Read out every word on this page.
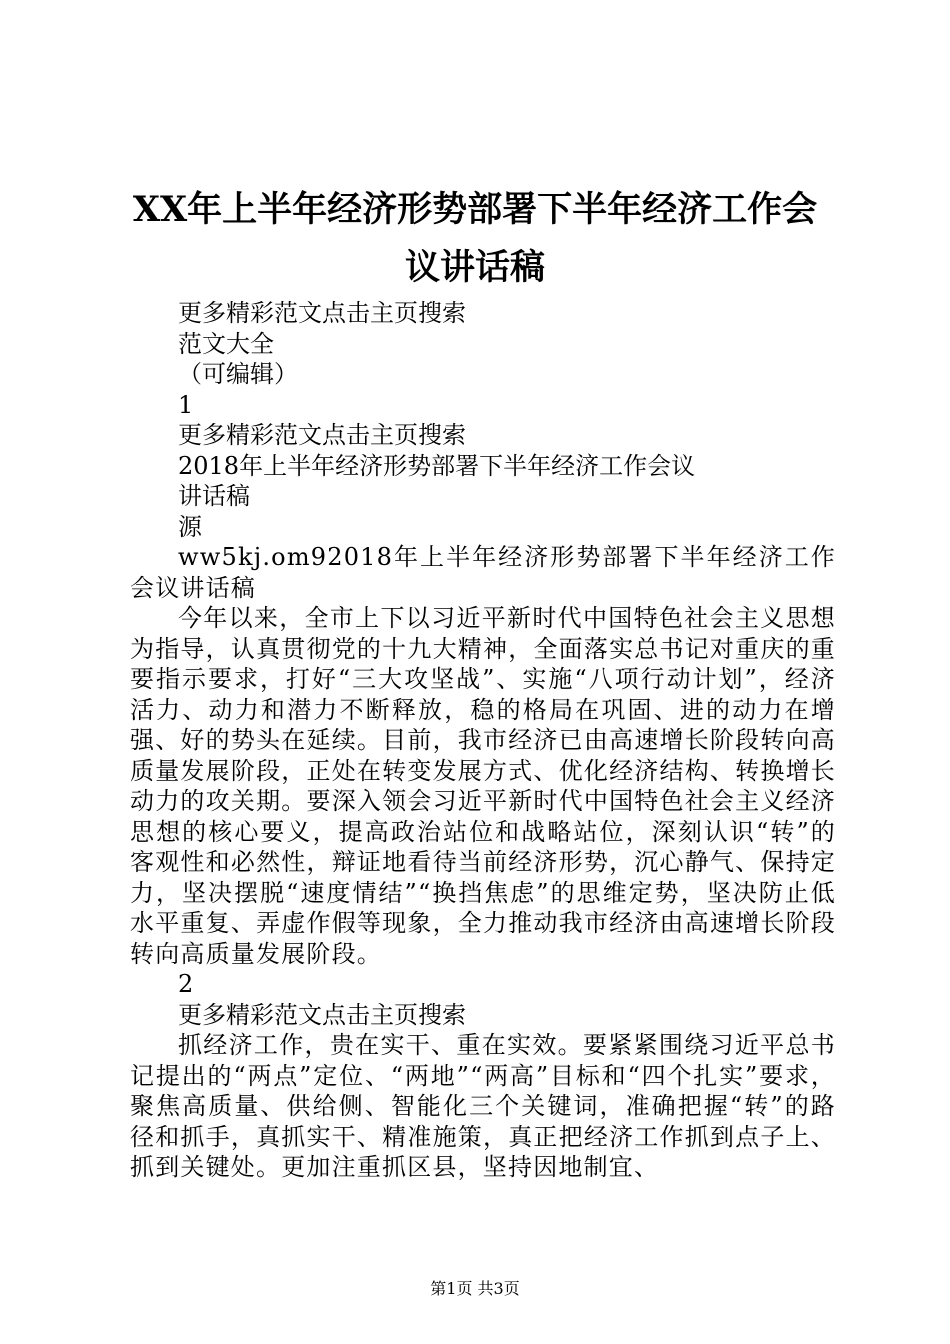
XX年上半年经济形势部署下半年经济工作会
议讲话稿
更多精彩范文点击主页搜索
范文大全
（可编辑）
1
更多精彩范文点击主页搜索
2018年上半年经济形势部署下半年经济工作会议
讲话稿
源

ww5kj.om92018年上半年经济形势部署下半年经济工作会议讲话稿

今年以来，全市上下以习近平新时代中国特色社会主义思想为指导，认真贯彻党的十九大精神，全面落实总书记对重庆的重要指示要求，打好“三大攻坚战”、实施“八项行动计划”，经济活力、动力和潜力不断释放，稳的格局在巩固、进的动力在增强、好的势头在延续。目前，我市经济已由高速增长阶段转向高质量发展阶段，正处在转变发展方式、优化经济结构、转换增长动力的攻关期。要深入领会习近平新时代中国特色社会主义经济思想的核心要义，提高政治站位和战略站位，深刻认识“转”的客观性和必然性，辩证地看待当前经济形势，沉心静气、保持定力，坚决摆脱“速度情结”“换挡焦虑”的思维定势，坚决防止低水平重复、弄虚作假等现象，全力推动我市经济由高速增长阶段转向高质量发展阶段。

2
更多精彩范文点击主页搜索

抓经济工作，贵在实干、重在实效。要紧紧围绕习近平总书记提出的“两点”定位、“两地”“两高”目标和“四个扎实”要求，聚焦高质量、供给侧、智能化三个关键词，准确把握“转”的路径和抓手，真抓实干、精准施策，真正把经济工作抓到点子上、抓到关键处。更加注重抓区县，坚持因地制宜、

第1页 共3页
